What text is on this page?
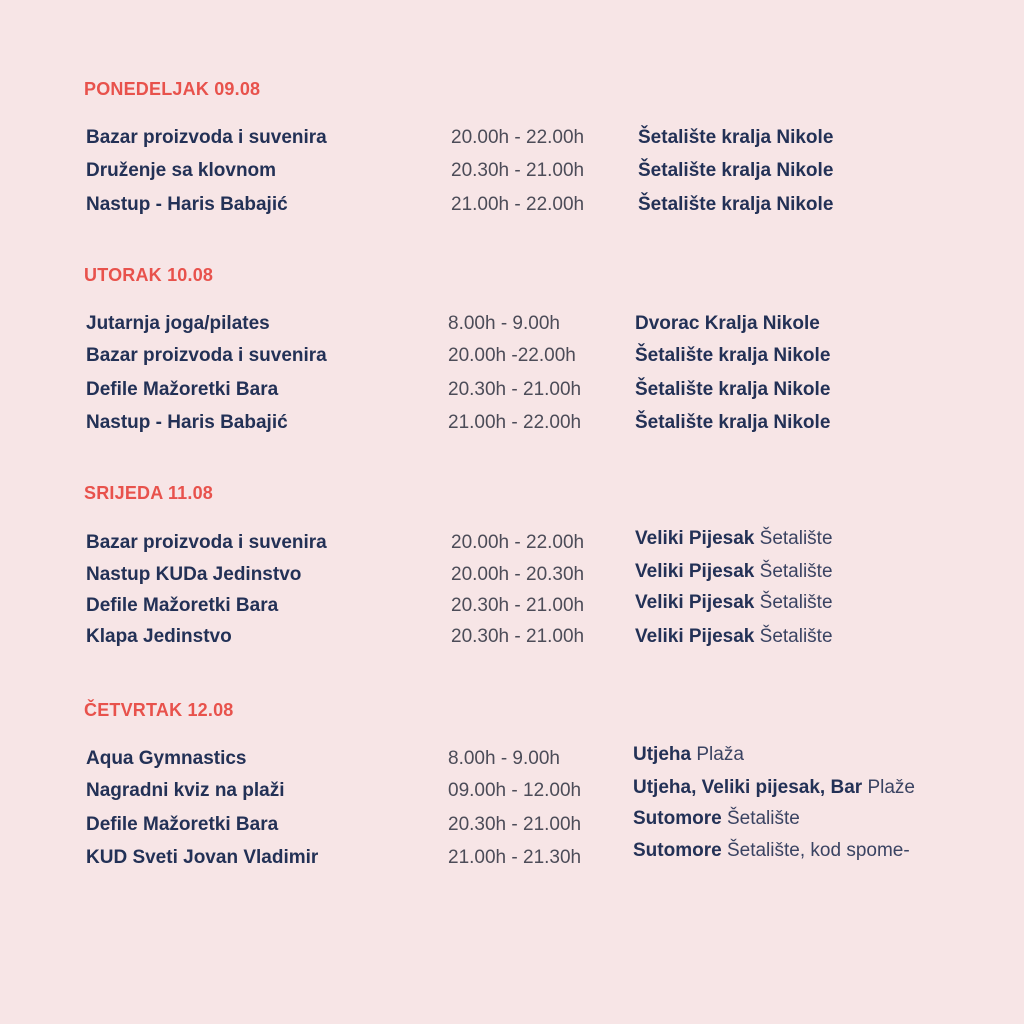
PONEDELJAK 09.08
Bazar proizvoda i suvenira	20.00h - 22.00h	Šetalište kralja Nikole
Druženje sa klovnom	20.30h - 21.00h	Šetalište kralja Nikole
Nastup - Haris Babajić	21.00h - 22.00h	Šetalište kralja Nikole
UTORAK 10.08
Jutarnja joga/pilates	8.00h - 9.00h	Dvorac Kralja Nikole
Bazar proizvoda i suvenira	20.00h -22.00h	Šetalište kralja Nikole
Defile Mažoretki Bara	20.30h - 21.00h	Šetalište kralja Nikole
Nastup - Haris Babajić	21.00h - 22.00h	Šetalište kralja Nikole
SRIJEDA 11.08
Bazar proizvoda i suvenira	20.00h - 22.00h	Veliki Pijesak Šetalište
Nastup KUDa Jedinstvo	20.00h - 20.30h	Veliki Pijesak Šetalište
Defile Mažoretki Bara	20.30h - 21.00h	Veliki Pijesak Šetalište
Klapa Jedinstvo	20.30h - 21.00h	Veliki Pijesak Šetalište
ČETVRTAK 12.08
Aqua Gymnastics	8.00h - 9.00h	Utjeha Plaža
Nagradni kviz na plaži	09.00h - 12.00h	Utjeha, Veliki pijesak, Bar Plaže
Defile Mažoretki Bara	20.30h - 21.00h	Sutomore Šetalište
KUD Sveti Jovan Vladimir	21.00h - 21.30h	Sutomore Šetalište, kod spome-
